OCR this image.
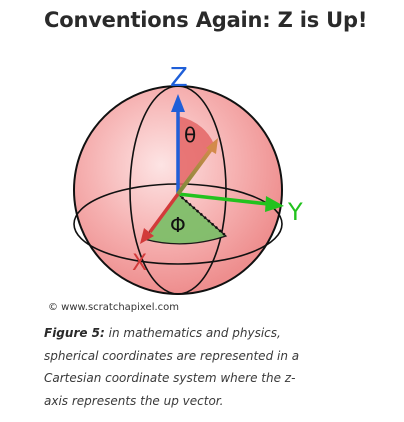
Conventions Again: Z is Up!
Z
Y
X
θ
Φ
© www.scratchapixel.com
Figure 5: in mathematics and physics,
spherical coordinates are represented in a
Cartesian coordinate system where the z-
axis represents the up vector.
